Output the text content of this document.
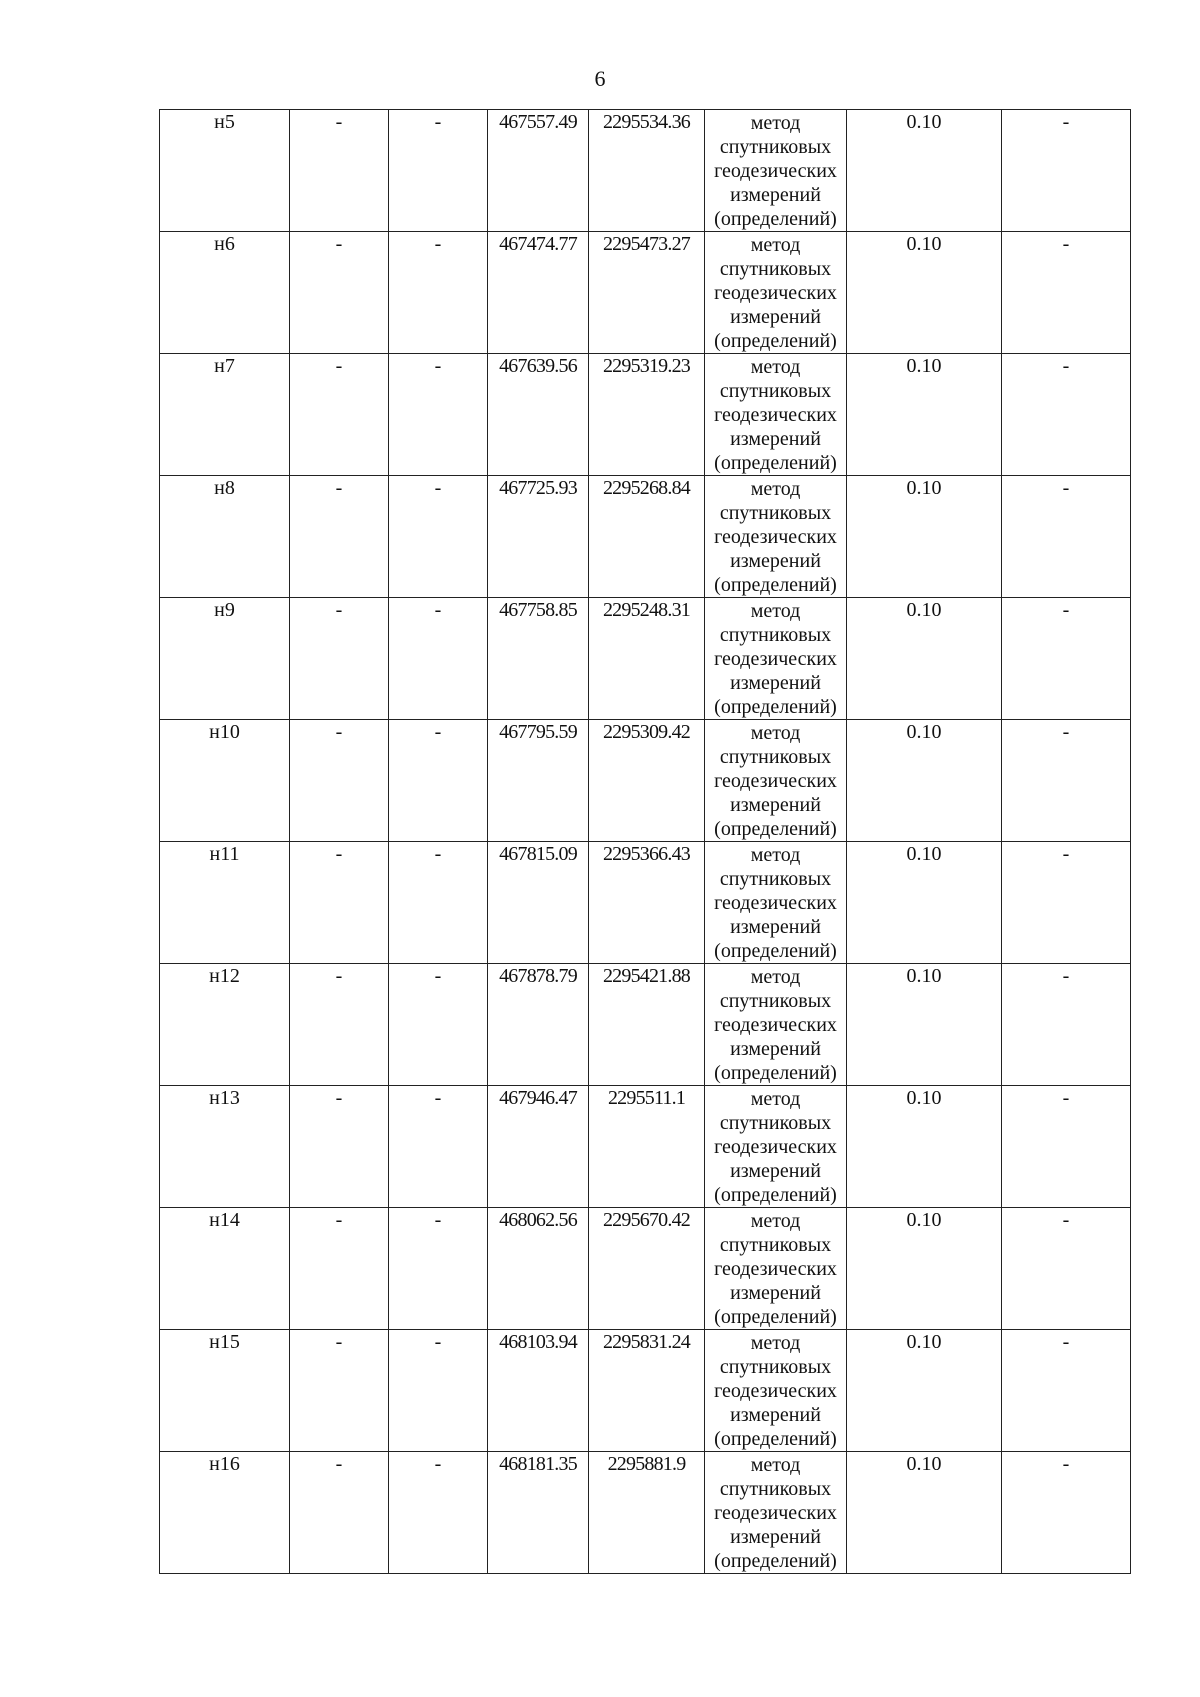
6
н5	-	-	467557.49	2295534.36	метод
спутниковых
геодезических
измерений
(определений)	0.10	-
н6	-	-	467474.77	2295473.27	метод
спутниковых
геодезических
измерений
(определений)	0.10	-
н7	-	-	467639.56	2295319.23	метод
спутниковых
геодезических
измерений
(определений)	0.10	-
н8	-	-	467725.93	2295268.84	метод
спутниковых
геодезических
измерений
(определений)	0.10	-
н9	-	-	467758.85	2295248.31	метод
спутниковых
геодезических
измерений
(определений)	0.10	-
н10	-	-	467795.59	2295309.42	метод
спутниковых
геодезических
измерений
(определений)	0.10	-
н11	-	-	467815.09	2295366.43	метод
спутниковых
геодезических
измерений
(определений)	0.10	-
н12	-	-	467878.79	2295421.88	метод
спутниковых
геодезических
измерений
(определений)	0.10	-
н13	-	-	467946.47	2295511.1	метод
спутниковых
геодезических
измерений
(определений)	0.10	-
н14	-	-	468062.56	2295670.42	метод
спутниковых
геодезических
измерений
(определений)	0.10	-
н15	-	-	468103.94	2295831.24	метод
спутниковых
геодезических
измерений
(определений)	0.10	-
н16	-	-	468181.35	2295881.9	метод
спутниковых
геодезических
измерений
(определений)	0.10	-
